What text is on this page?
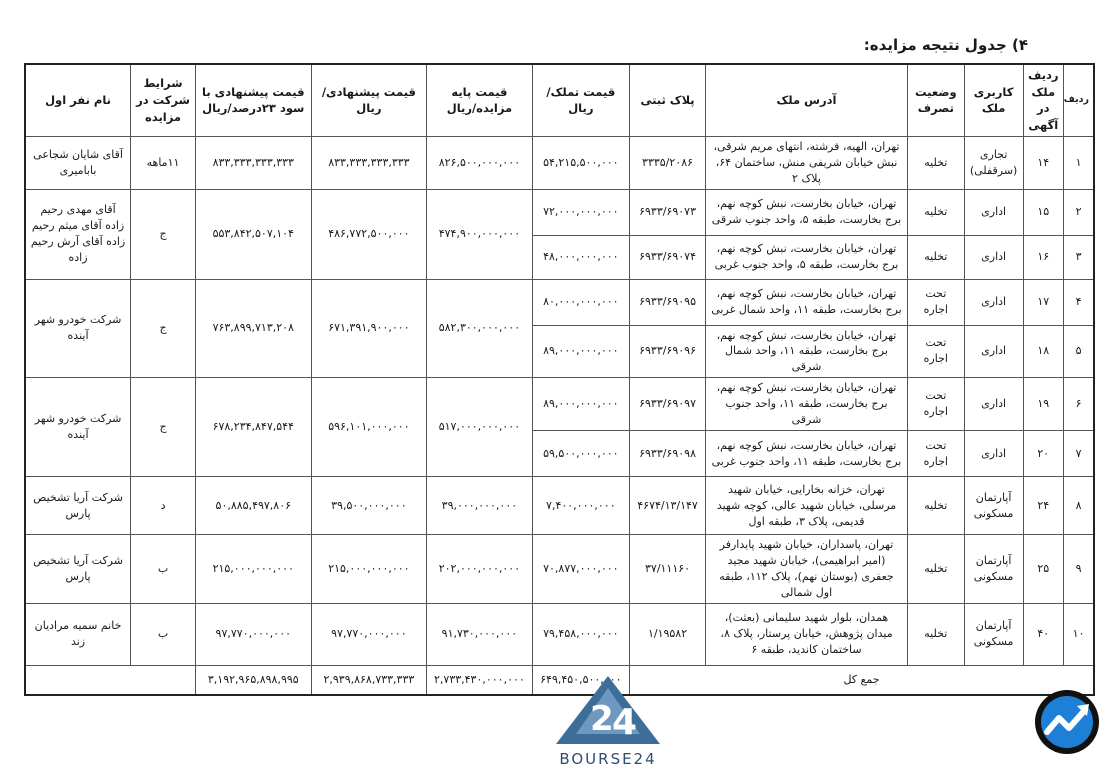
۴) جدول نتیجه مزایده:
ردیف	ردیف ملک در آگهی	کاربری ملک	وضعیت تصرف	آدرس ملک	پلاک ثبتی	قیمت تملک/ریال	قیمت پایه مزایده/ریال	قیمت پیشنهادی/ریال	قیمت پیشنهادی با سود ۲۳درصد/ریال	شرایط شرکت در مزایده	نام نفر اول
۱	۱۴	تجاری (سرقفلی)	تخلیه	تهران، الهیه، فرشته، انتهای مریم شرقی، نبش خیابان شریفی منش، ساختمان ۶۴، پلاک ۲	۳۳۳۵/۲۰۸۶	۵۴,۲۱۵,۵۰۰,۰۰۰	۸۲۶,۵۰۰,۰۰۰,۰۰۰	۸۳۳,۳۳۳,۳۳۳,۳۳۳	۸۳۳,۳۳۳,۳۳۳,۳۳۳	۱۱ماهه	آقای شایان شجاعی بابامیری
۲	۱۵	اداری	تخلیه	تهران، خیابان بخارست، نبش کوچه نهم، برج بخارست، طبقه ۵، واحد جنوب شرقی	۶۹۳۳/۶۹۰۷۳	۷۲,۰۰۰,۰۰۰,۰۰۰	۴۷۴,۹۰۰,۰۰۰,۰۰۰	۴۸۶,۷۷۲,۵۰۰,۰۰۰	۵۵۳,۸۴۲,۵۰۷,۱۰۴	ج	آقای مهدی رحیم زاده آقای میثم رحیم زاده آقای آرش رحیم زاده
۳	۱۶	اداری	تخلیه	تهران، خیابان بخارست، نبش کوچه نهم، برج بخارست، طبقه ۵، واحد جنوب غربی	۶۹۳۳/۶۹۰۷۴	۴۸,۰۰۰,۰۰۰,۰۰۰					
۴	۱۷	اداری	تحت اجاره	تهران، خیابان بخارست، نبش کوچه نهم، برج بخارست، طبقه ۱۱، واحد شمال غربی	۶۹۳۳/۶۹۰۹۵	۸۰,۰۰۰,۰۰۰,۰۰۰	۵۸۲,۳۰۰,۰۰۰,۰۰۰	۶۷۱,۳۹۱,۹۰۰,۰۰۰	۷۶۳,۸۹۹,۷۱۳,۲۰۸	ج	شرکت خودرو شهر آینده
۵	۱۸	اداری	تحت اجاره	تهران، خیابان بخارست، نبش کوچه نهم، برج بخارست، طبقه ۱۱، واحد شمال شرقی	۶۹۳۳/۶۹۰۹۶	۸۹,۰۰۰,۰۰۰,۰۰۰					
۶	۱۹	اداری	تحت اجاره	تهران، خیابان بخارست، نبش کوچه نهم، برج بخارست، طبقه ۱۱، واحد جنوب شرقی	۶۹۳۳/۶۹۰۹۷	۸۹,۰۰۰,۰۰۰,۰۰۰	۵۱۷,۰۰۰,۰۰۰,۰۰۰	۵۹۶,۱۰۱,۰۰۰,۰۰۰	۶۷۸,۲۳۴,۸۴۷,۵۴۴	ج	شرکت خودرو شهر آینده
۷	۲۰	اداری	تحت اجاره	تهران، خیابان بخارست، نبش کوچه نهم، برج بخارست، طبقه ۱۱، واحد جنوب غربی	۶۹۳۳/۶۹۰۹۸	۵۹,۵۰۰,۰۰۰,۰۰۰					
۸	۲۴	آپارتمان مسکونی	تخلیه	تهران، خزانه بخارایی، خیابان شهید مرسلی، خیابان شهید عالی، کوچه شهید قدیمی، پلاک ۳، طبقه اول	۴۶۷۴/۱۳/۱۴۷	۷,۴۰۰,۰۰۰,۰۰۰	۳۹,۰۰۰,۰۰۰,۰۰۰	۳۹,۵۰۰,۰۰۰,۰۰۰	۵۰,۸۸۵,۴۹۷,۸۰۶	د	شرکت آریا تشخیص پارس
۹	۲۵	آپارتمان مسکونی	تخلیه	تهران، پاسداران، خیابان شهید پایدارفر (امیر ابراهیمی)، خیابان شهید مجید جعفری (بوستان نهم)، پلاک ۱۱۲، طبقه اول شمالی	۳۷/۱۱۱۶۰	۷۰,۸۷۷,۰۰۰,۰۰۰	۲۰۲,۰۰۰,۰۰۰,۰۰۰	۲۱۵,۰۰۰,۰۰۰,۰۰۰	۲۱۵,۰۰۰,۰۰۰,۰۰۰	ب	شرکت آریا تشخیص پارس
۱۰	۴۰	آپارتمان مسکونی	تخلیه	همدان، بلوار شهید سلیمانی (بعثت)، میدان پژوهش، خیابان پرستار، پلاک ۸، ساختمان کاندید، طبقه ۶	۱/۱۹۵۸۲	۷۹,۴۵۸,۰۰۰,۰۰۰	۹۱,۷۳۰,۰۰۰,۰۰۰	۹۷,۷۷۰,۰۰۰,۰۰۰	۹۷,۷۷۰,۰۰۰,۰۰۰	ب	خانم سمیه مرادیان زند
جمع کل						۶۴۹,۴۵۰,۵۰۰,۰۰۰	۲,۷۳۳,۴۳۰,۰۰۰,۰۰۰	۲,۹۳۹,۸۶۸,۷۳۳,۳۳۳	۳,۱۹۲,۹۶۵,۸۹۸,۹۹۵		
2
4
BOURSE24
